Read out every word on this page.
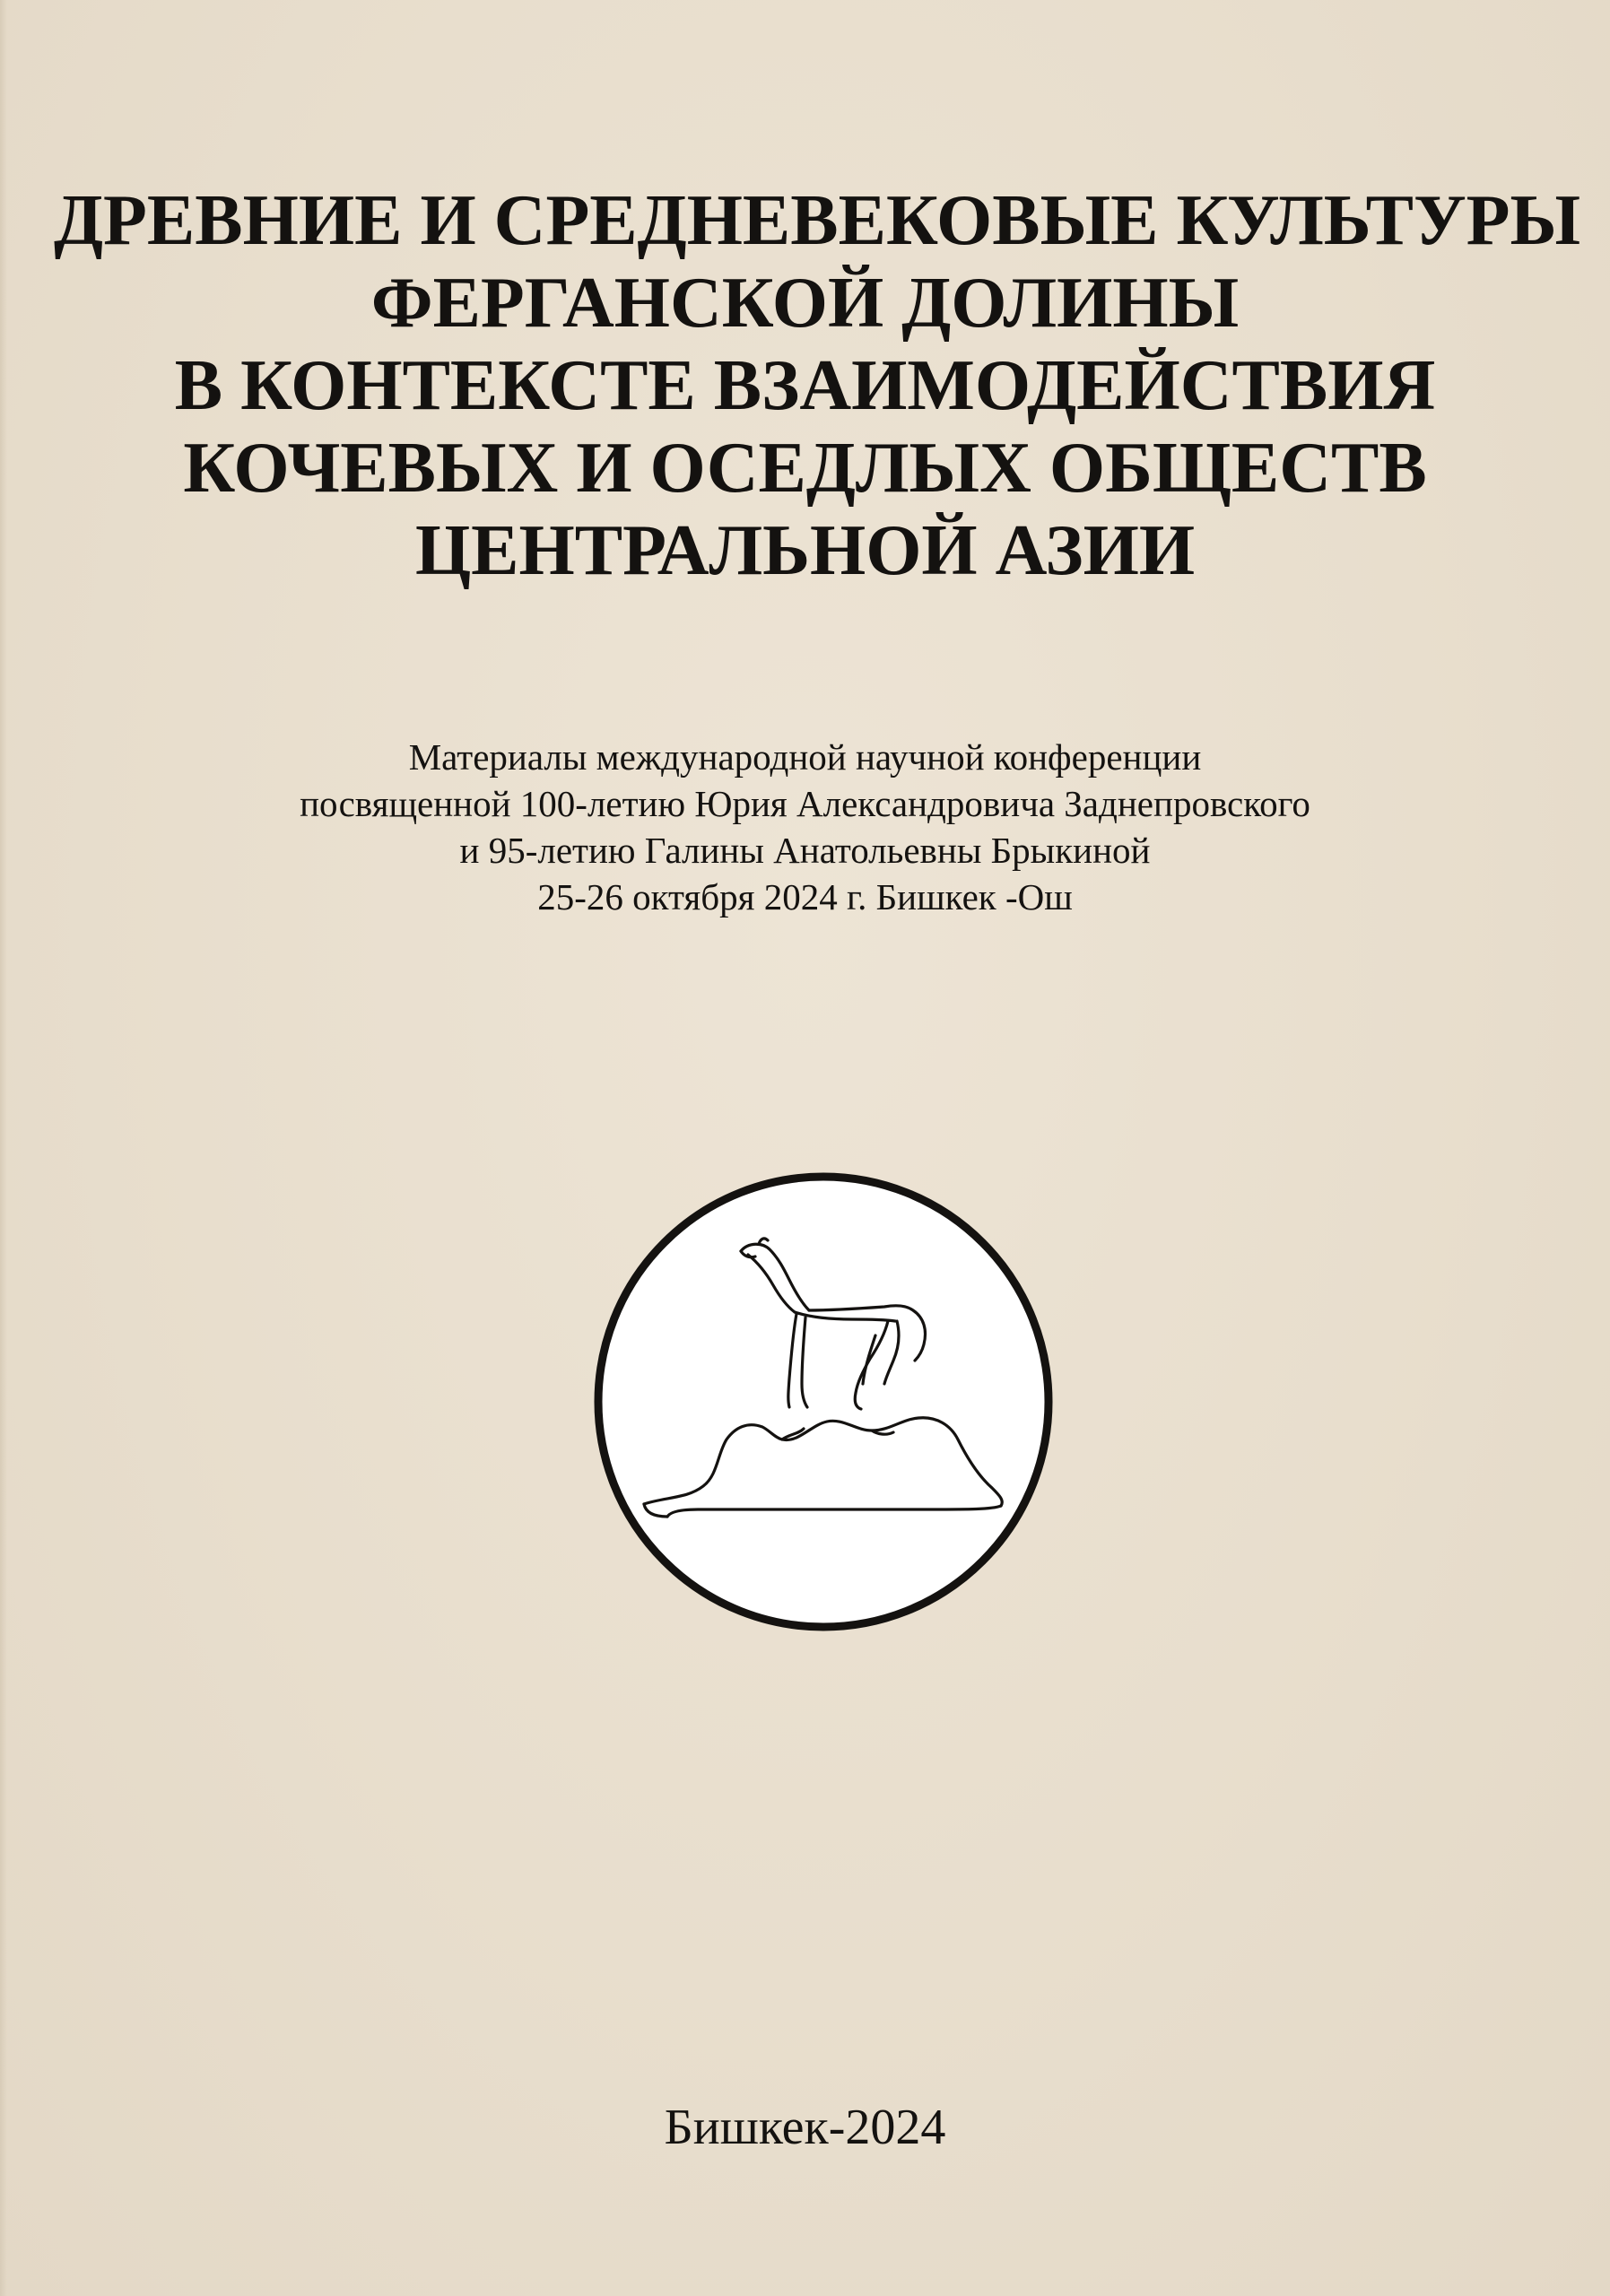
ДРЕВНИЕ И СРЕДНЕВЕКОВЫЕ КУЛЬТУРЫ
ФЕРГАНСКОЙ ДОЛИНЫ
В КОНТЕКСТЕ ВЗАИМОДЕЙСТВИЯ
КОЧЕВЫХ И ОСЕДЛЫХ ОБЩЕСТВ
ЦЕНТРАЛЬНОЙ АЗИИ
Материалы международной научной конференции
посвященной 100-летию Юрия Александровича Заднепровского
и 95-летию Галины Анатольевны Брыкиной
25-26 октября 2024 г. Бишкек -Ош
Бишкек-2024
